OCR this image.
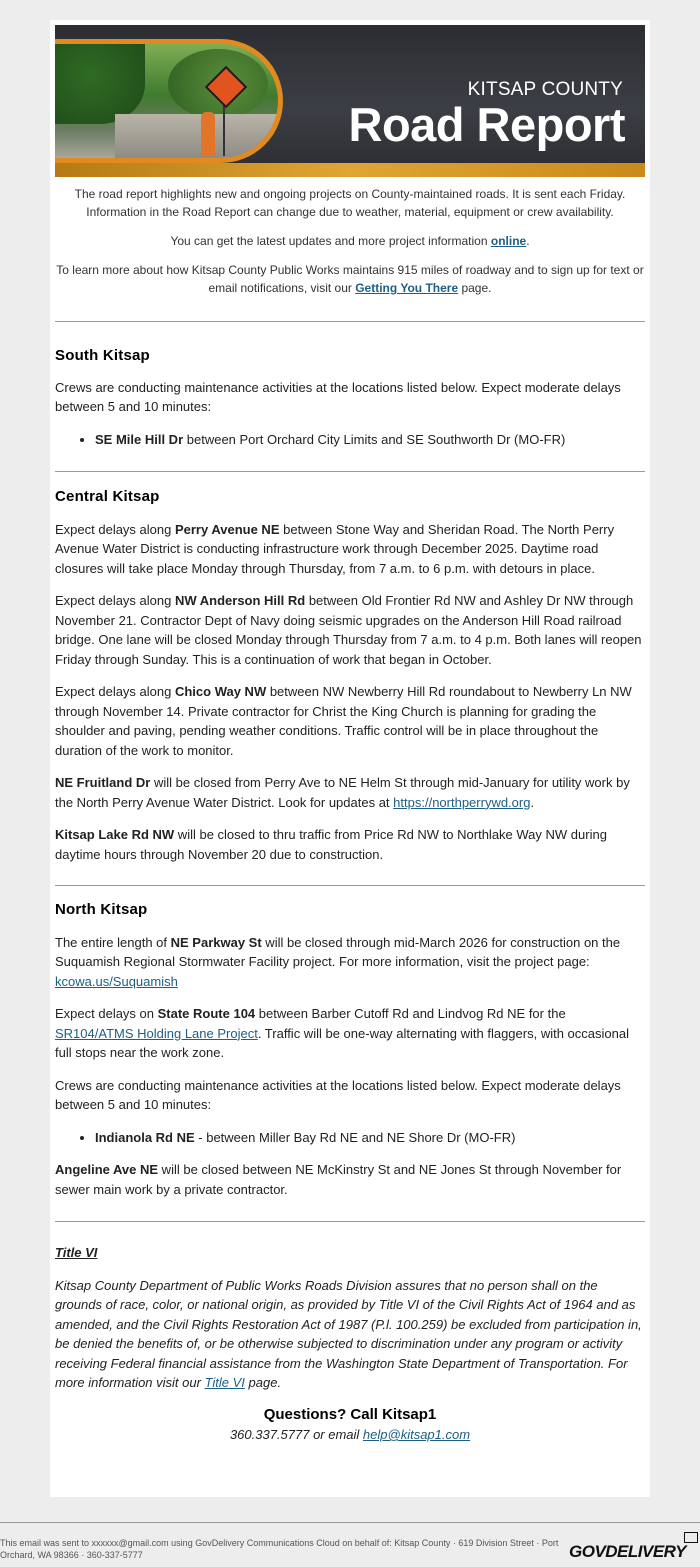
KITSAP COUNTY
Road Report

The road report highlights new and ongoing projects on County-maintained roads. It is sent each Friday. Information in the Road Report can change due to weather, material, equipment or crew availability.

You can get the latest updates and more project information online.

To learn more about how Kitsap County Public Works maintains 915 miles of roadway and to sign up for text or email notifications, visit our Getting You There page.

South Kitsap

Crews are conducting maintenance activities at the locations listed below. Expect moderate delays between 5 and 10 minutes:

• SE Mile Hill Dr between Port Orchard City Limits and SE Southworth Dr (MO-FR)
Central Kitsap

Expect delays along Perry Avenue NE between Stone Way and Sheridan Road. The North Perry Avenue Water District is conducting infrastructure work through December 2025. Daytime road closures will take place Monday through Thursday, from 7 a.m. to 6 p.m. with detours in place.

Expect delays along NW Anderson Hill Rd between Old Frontier Rd NW and Ashley Dr NW through November 21. Contractor Dept of Navy doing seismic upgrades on the Anderson Hill Road railroad bridge. One lane will be closed Monday through Thursday from 7 a.m. to 4 p.m. Both lanes will reopen Friday through Sunday. This is a continuation of work that began in October.

Expect delays along Chico Way NW between NW Newberry Hill Rd roundabout to Newberry Ln NW through November 14. Private contractor for Christ the King Church is planning for grading the shoulder and paving, pending weather conditions. Traffic control will be in place throughout the duration of the work to monitor.

NE Fruitland Dr will be closed from Perry Ave to NE Helm St through mid-January for utility work by the North Perry Avenue Water District. Look for updates at https://northperrywd.org.

Kitsap Lake Rd NW will be closed to thru traffic from Price Rd NW to Northlake Way NW during daytime hours through November 20 due to construction.

North Kitsap

The entire length of NE Parkway St will be closed through mid-March 2026 for construction on the Suquamish Regional Stormwater Facility project. For more information, visit the project page: kcowa.us/Suquamish

Expect delays on State Route 104 between Barber Cutoff Rd and Lindvog Rd NE for the SR104/ATMS Holding Lane Project. Traffic will be one-way alternating with flaggers, with occasional full stops near the work zone.

Crews are conducting maintenance activities at the locations listed below. Expect moderate delays between 5 and 10 minutes:

• Indianola Rd NE - between Miller Bay Rd NE and NE Shore Dr (MO-FR)

Angeline Ave NE will be closed between NE McKinstry St and NE Jones St through November for sewer main work by a private contractor.

Title VI

Kitsap County Department of Public Works Roads Division assures that no person shall on the grounds of race, color, or national origin, as provided by Title VI of the Civil Rights Act of 1964 and as amended, and the Civil Rights Restoration Act of 1987 (P.l. 100.259) be excluded from participation in, be denied the benefits of, or be otherwise subjected to discrimination under any program or activity receiving Federal financial assistance from the Washington State Department of Transportation. For more information visit our Title VI page.

Questions? Call Kitsap1
360.337.5777 or email help@kitsap1.com
This email was sent to xxxxxx@gmail.com using GovDelivery Communications Cloud on behalf of: Kitsap County · 619 Division Street · Port Orchard, WA 98366 · 360-337-5777	GOVDELIVERY
